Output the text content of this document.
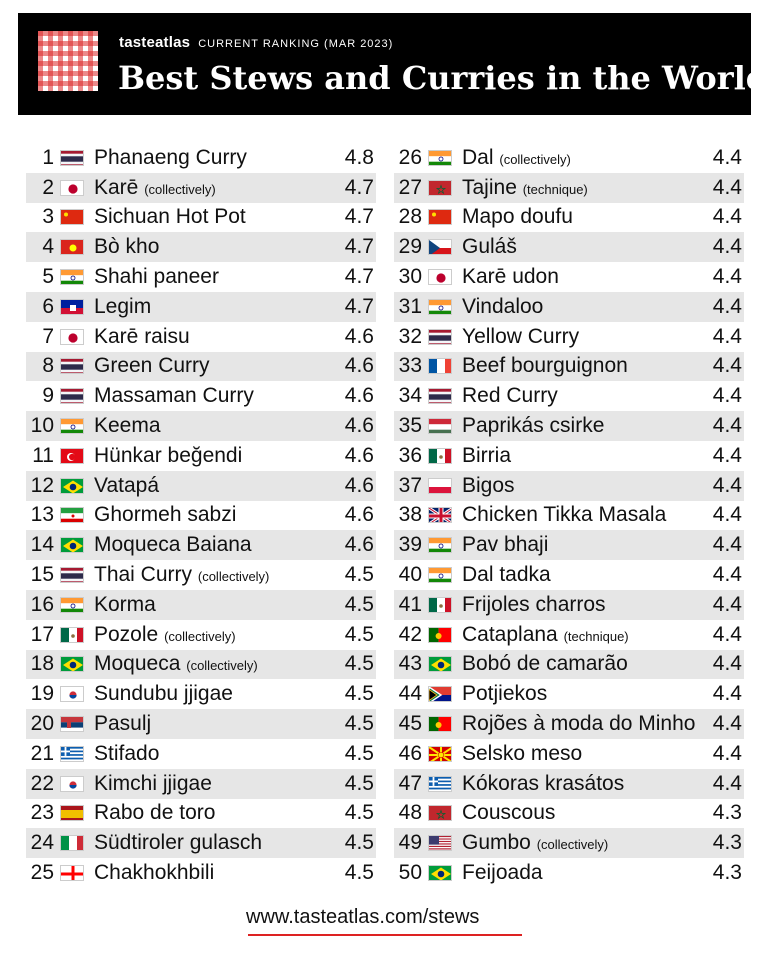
tasteatlas CURRENT RANKING (MAR 2023)
Best Stews and Curries in the World
1 Phanaeng Curry	4.8
2 Karē (collectively)	4.7
3 Sichuan Hot Pot	4.7
4 Bò kho	4.7
5 Shahi paneer	4.7
6 Legim	4.7
7 Karē raisu	4.6
8 Green Curry	4.6
9 Massaman Curry	4.6
10 Keema	4.6
11 Hünkar beğendi	4.6
12 Vatapá	4.6
13 Ghormeh sabzi	4.6
14 Moqueca Baiana	4.6
15 Thai Curry (collectively)	4.5
16 Korma	4.5
17 Pozole (collectively)	4.5
18 Moqueca (collectively)	4.5
19 Sundubu jjigae	4.5
20 Pasulj	4.5
21 Stifado	4.5
22 Kimchi jjigae	4.5
23 Rabo de toro	4.5
24 Südtiroler gulasch	4.5
25 Chakhokhbili	4.5
26 Dal (collectively)	4.4
27 Tajine (technique)	4.4
28 Mapo doufu	4.4
29 Guláš	4.4
30 Karē udon	4.4
31 Vindaloo	4.4
32 Yellow Curry	4.4
33 Beef bourguignon	4.4
34 Red Curry	4.4
35 Paprikás csirke	4.4
36 Birria	4.4
37 Bigos	4.4
38 Chicken Tikka Masala	4.4
39 Pav bhaji	4.4
40 Dal tadka	4.4
41 Frijoles charros	4.4
42 Cataplana (technique)	4.4
43 Bobó de camarão	4.4
44 Potjiekos	4.4
45 Rojões à moda do Minho 4.4
46 Selsko meso	4.4
47 Kókoras krasátos	4.4
48 Couscous	4.3
49 Gumbo (collectively)	4.3
50 Feijoada	4.3
www.tasteatlas.com/stews
